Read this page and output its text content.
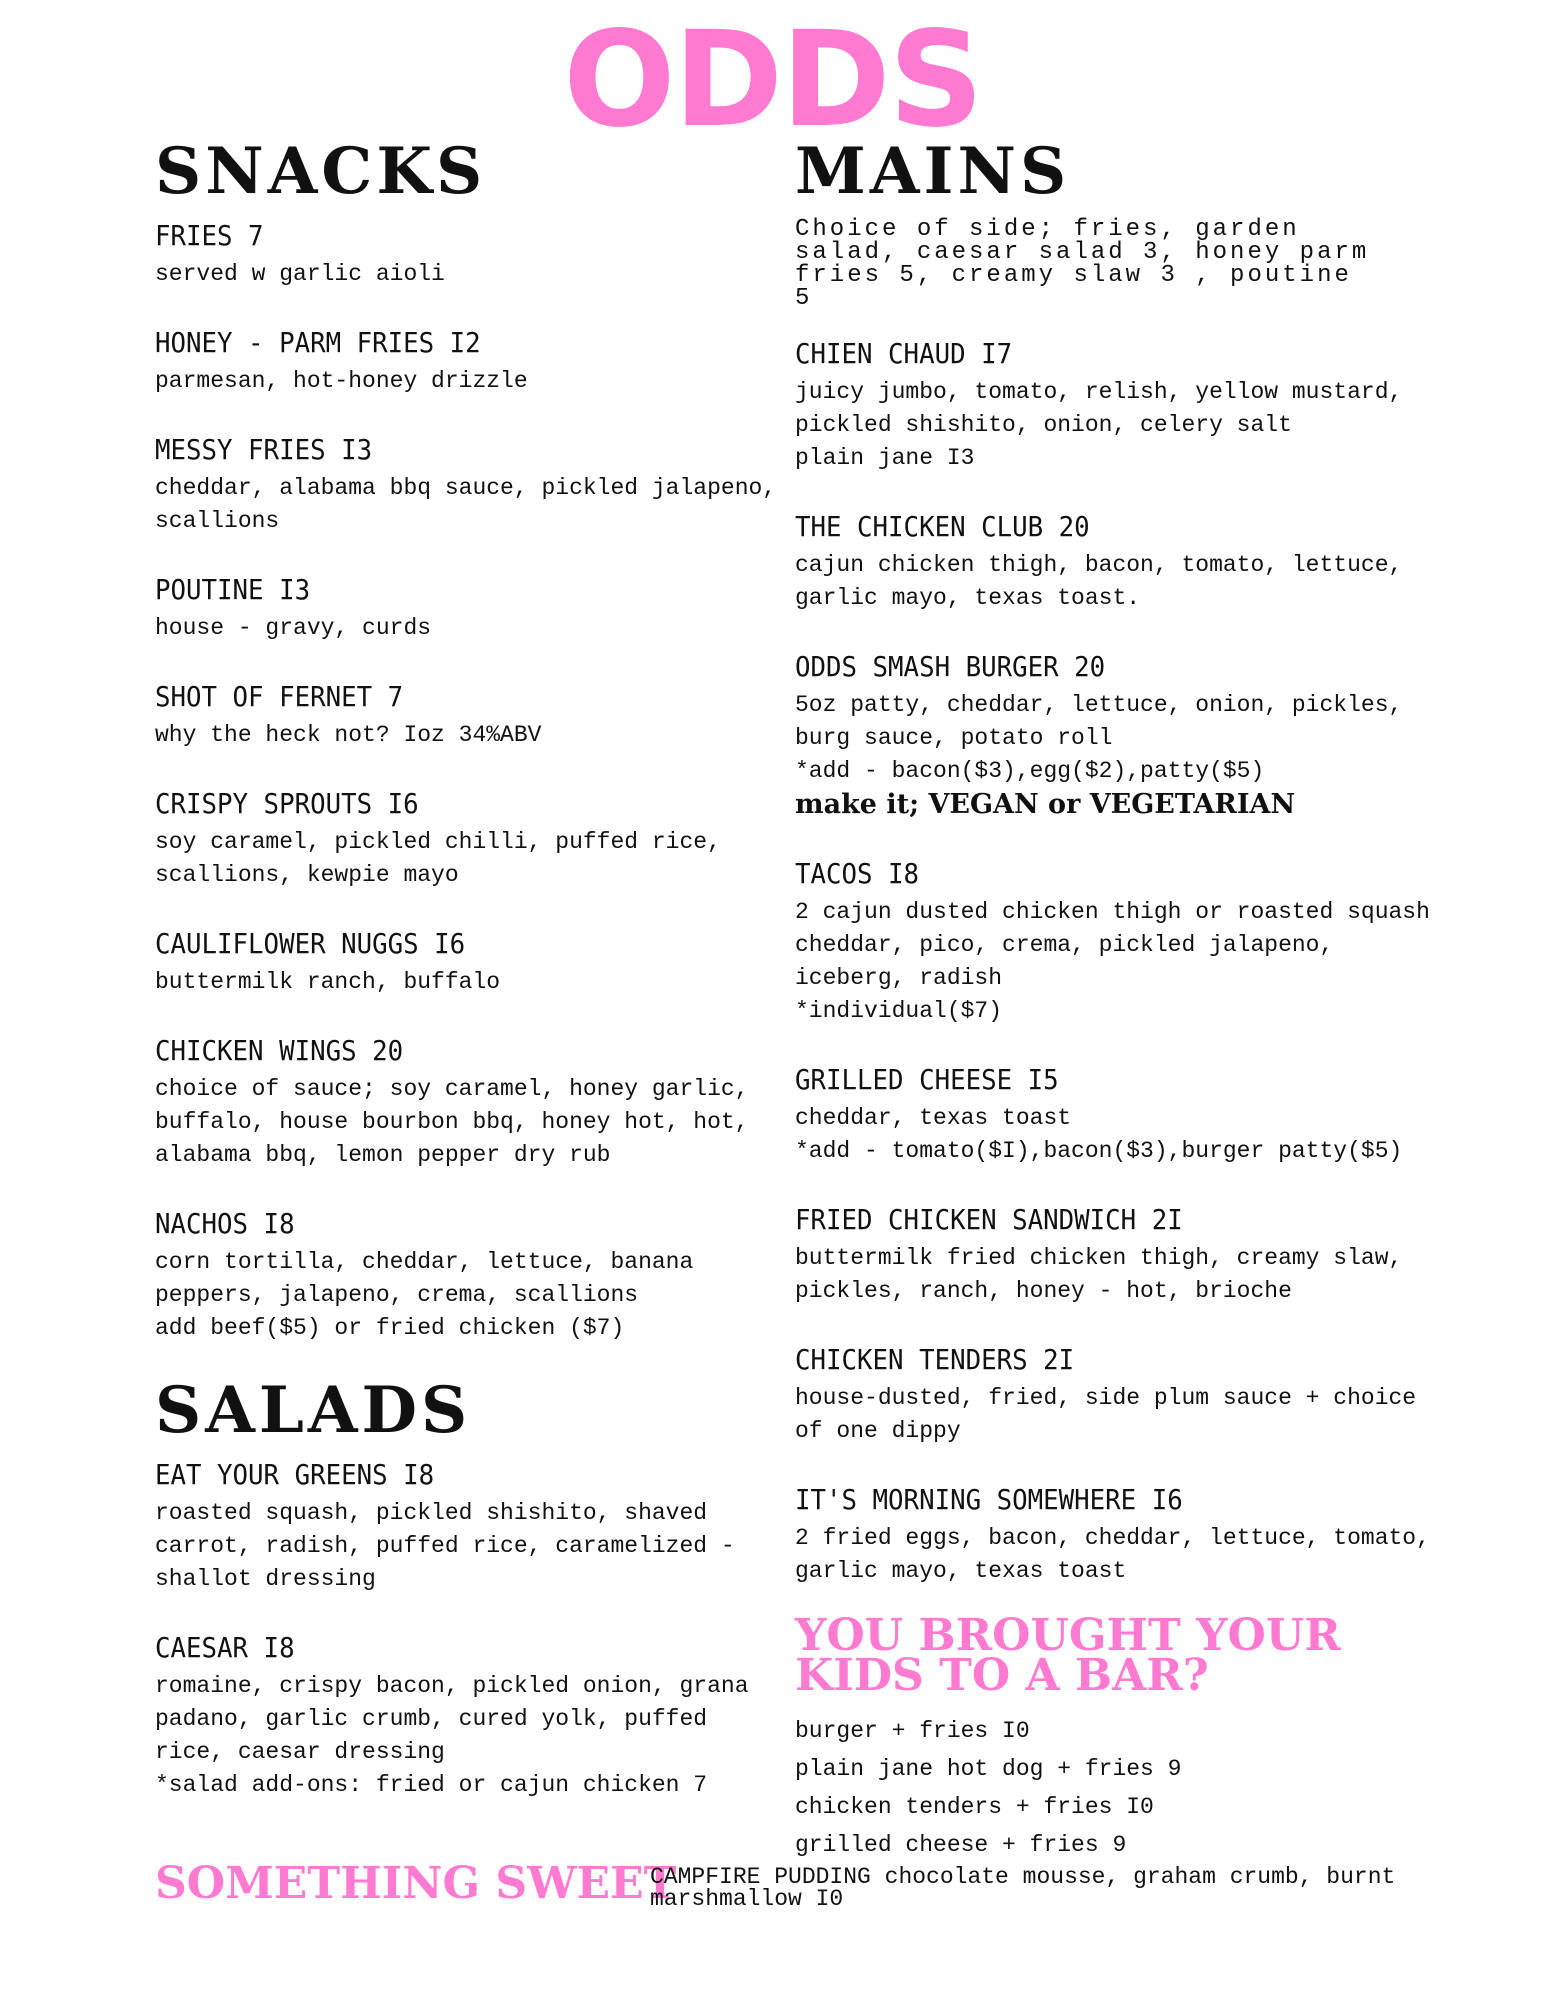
ODDS
SNACKS
FRIES 7
served w garlic aioli
HONEY - PARM FRIES I2
parmesan, hot-honey drizzle
MESSY FRIES I3
cheddar, alabama bbq sauce, pickled jalapeno,
scallions
POUTINE I3
house - gravy, curds
SHOT OF FERNET 7
why the heck not? Ioz 34%ABV
CRISPY SPROUTS I6
soy caramel, pickled chilli, puffed rice,
scallions, kewpie mayo
CAULIFLOWER NUGGS I6
buttermilk ranch, buffalo
CHICKEN WINGS 20
choice of sauce; soy caramel, honey garlic,
buffalo, house bourbon bbq, honey hot, hot,
alabama bbq, lemon pepper dry rub
NACHOS I8
corn tortilla, cheddar, lettuce, banana
peppers, jalapeno, crema, scallions
add beef($5) or fried chicken ($7)
SALADS
EAT YOUR GREENS I8
roasted squash, pickled shishito, shaved
carrot, radish, puffed rice, caramelized -
shallot dressing
CAESAR I8
romaine, crispy bacon, pickled onion, grana
padano, garlic crumb, cured yolk, puffed
rice, caesar dressing
*salad add-ons: fried or cajun chicken 7
MAINS
Choice of side; fries, garden
salad, caesar salad 3, honey parm
fries 5, creamy slaw 3 , poutine
5
CHIEN CHAUD I7
juicy jumbo, tomato, relish, yellow mustard,
pickled shishito, onion, celery salt
plain jane I3
THE CHICKEN CLUB 20
cajun chicken thigh, bacon, tomato, lettuce,
garlic mayo, texas toast.
ODDS SMASH BURGER 20
5oz patty, cheddar, lettuce, onion, pickles,
burg sauce, potato roll
*add - bacon($3),egg($2),patty($5)
make it; VEGAN or VEGETARIAN
TACOS I8
2 cajun dusted chicken thigh or roasted squash
cheddar, pico, crema, pickled jalapeno,
iceberg, radish
*individual($7)
GRILLED CHEESE I5
cheddar, texas toast
*add - tomato($I),bacon($3),burger patty($5)
FRIED CHICKEN SANDWICH 2I
buttermilk fried chicken thigh, creamy slaw,
pickles, ranch, honey - hot, brioche
CHICKEN TENDERS 2I
house-dusted, fried, side plum sauce + choice
of one dippy
IT'S MORNING SOMEWHERE I6
2 fried eggs, bacon, cheddar, lettuce, tomato,
garlic mayo, texas toast
YOU BROUGHT YOUR
KIDS TO A BAR?
burger + fries I0
plain jane hot dog + fries 9
chicken tenders + fries I0
grilled cheese + fries 9
SOMETHING SWEET
CAMPFIRE PUDDING chocolate mousse, graham crumb, burnt
marshmallow I0
